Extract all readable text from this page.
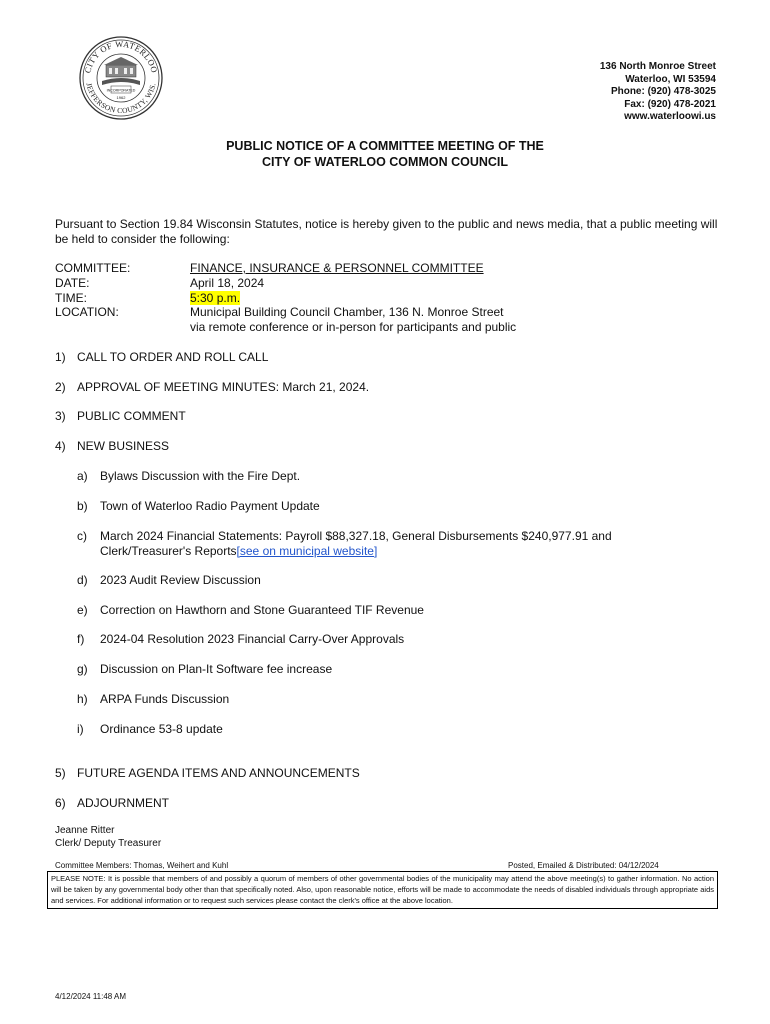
CITY OF WATERLOO
JEFFERSON COUNTY, WIS.
INCORPORATED
1962
136 North Monroe Street
Waterloo, WI 53594
Phone: (920) 478-3025
Fax: (920) 478-2021
www.waterloowi.us
PUBLIC NOTICE OF A COMMITTEE MEETING OF THE
CITY OF WATERLOO COMMON COUNCIL
Pursuant to Section 19.84 Wisconsin Statutes, notice is hereby given to the public and news media, that a public meeting will be held to consider the following:
COMMITTEE:	FINANCE, INSURANCE & PERSONNEL COMMITTEE
DATE:	April 18, 2024
TIME:	5:30 p.m.
LOCATION:	Municipal Building Council Chamber, 136 N. Monroe Street
via remote conference or in-person for participants and public
1) CALL TO ORDER AND ROLL CALL
2) APPROVAL OF MEETING MINUTES: March 21, 2024.
3) PUBLIC COMMENT
4) NEW BUSINESS
a) Bylaws Discussion with the Fire Dept.
b) Town of Waterloo Radio Payment Update
c) March 2024 Financial Statements: Payroll $88,327.18, General Disbursements $240,977.91 and
Clerk/Treasurer's Reports[see on municipal website]
d) 2023 Audit Review Discussion
e) Correction on Hawthorn and Stone Guaranteed TIF Revenue
f) 2024-04 Resolution 2023 Financial Carry-Over Approvals
g) Discussion on Plan-It Software fee increase
h) ARPA Funds Discussion
i) Ordinance 53-8 update
5) FUTURE AGENDA ITEMS AND ANNOUNCEMENTS
6) ADJOURNMENT
Jeanne Ritter
Clerk/ Deputy Treasurer
Committee Members: Thomas, Weihert and Kuhl	Posted, Emailed & Distributed: 04/12/2024
PLEASE NOTE: It is possible that members of and possibly a quorum of members of other governmental bodies of the municipality may attend the above meeting(s) to gather information. No action will be taken by any governmental body other than that specifically noted. Also, upon reasonable notice, efforts will be made to accommodate the needs of disabled individuals through appropriate aids and services. For additional information or to request such services please contact the clerk's office at the above location.
4/12/2024 11:48 AM
